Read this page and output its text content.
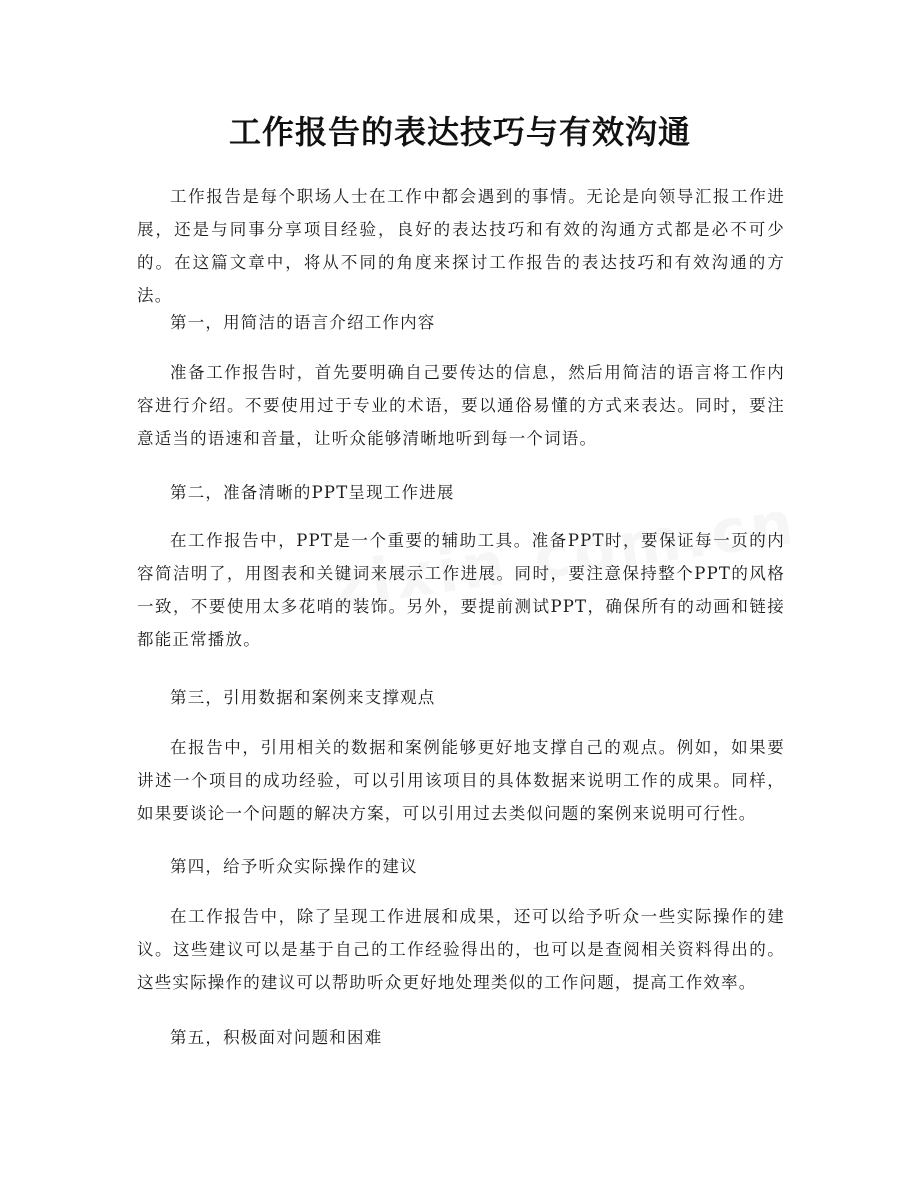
工作报告的表达技巧与有效沟通

工作报告是每个职场人士在工作中都会遇到的事情。无论是向领导汇报工作进展，还是与同事分享项目经验，良好的表达技巧和有效的沟通方式都是必不可少的。在这篇文章中，将从不同的角度来探讨工作报告的表达技巧和有效沟通的方法。

第一，用简洁的语言介绍工作内容

准备工作报告时，首先要明确自己要传达的信息，然后用简洁的语言将工作内容进行介绍。不要使用过于专业的术语，要以通俗易懂的方式来表达。同时，要注意适当的语速和音量，让听众能够清晰地听到每一个词语。

第二，准备清晰的PPT呈现工作进展

在工作报告中，PPT是一个重要的辅助工具。准备PPT时，要保证每一页的内容简洁明了，用图表和关键词来展示工作进展。同时，要注意保持整个PPT的风格一致，不要使用太多花哨的装饰。另外，要提前测试PPT，确保所有的动画和链接都能正常播放。

第三，引用数据和案例来支撑观点

在报告中，引用相关的数据和案例能够更好地支撑自己的观点。例如，如果要讲述一个项目的成功经验，可以引用该项目的具体数据来说明工作的成果。同样，如果要谈论一个问题的解决方案，可以引用过去类似问题的案例来说明可行性。

第四，给予听众实际操作的建议

在工作报告中，除了呈现工作进展和成果，还可以给予听众一些实际操作的建议。这些建议可以是基于自己的工作经验得出的，也可以是查阅相关资料得出的。这些实际操作的建议可以帮助听众更好地处理类似的工作问题，提高工作效率。

第五，积极面对问题和困难
